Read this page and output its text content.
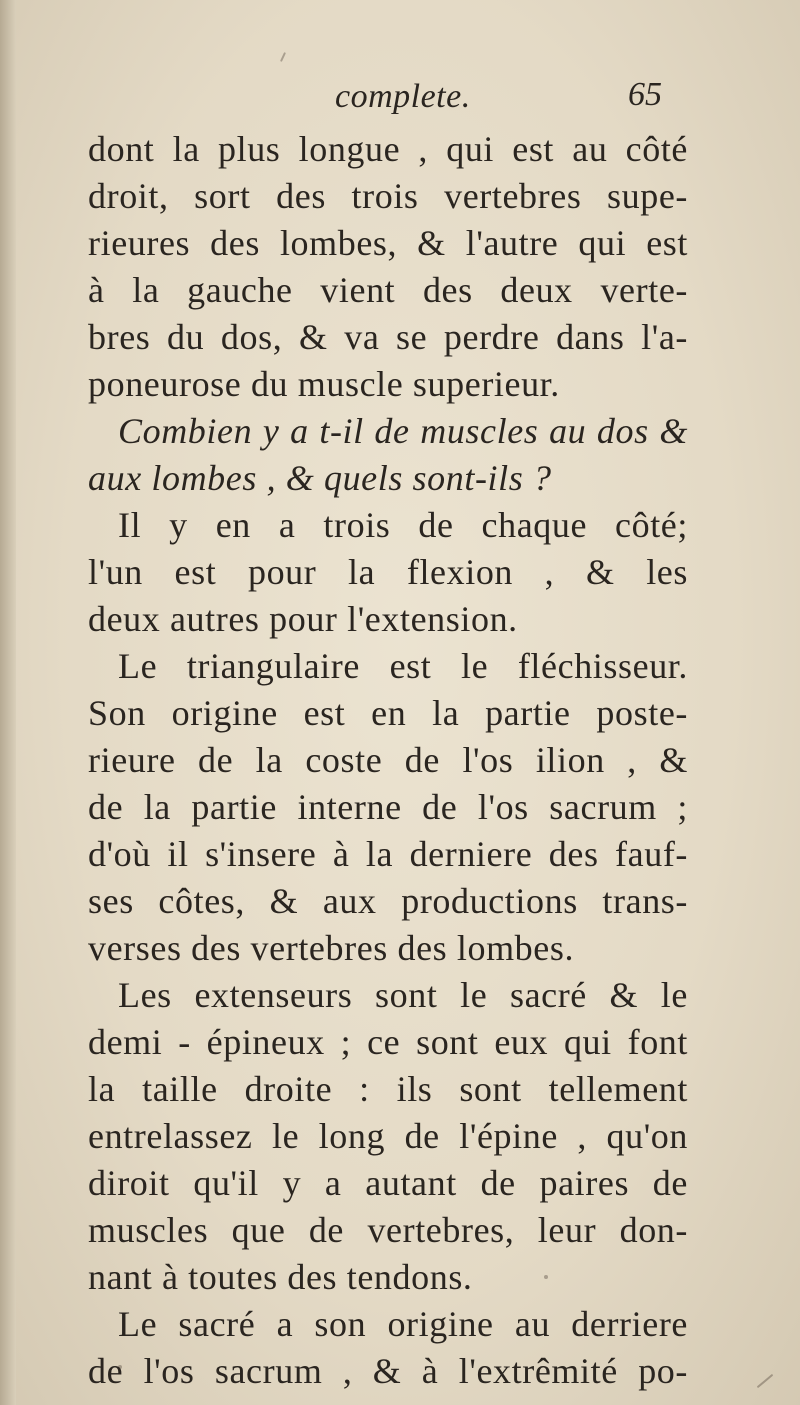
complete.	65
dont la plus longue , qui est au côté
droit, sort des trois vertebres supe-
rieures des lombes, & l'autre qui est
à la gauche vient des deux verte-
bres du dos, & va se perdre dans l'a-
poneurose du muscle superieur.
Combien y a t-il de muscles au dos &
aux lombes , & quels sont-ils ?
Il y en a trois de chaque côté;
l'un est pour la flexion , & les
deux autres pour l'extension.
Le triangulaire est le fléchisseur.
Son origine est en la partie poste-
rieure de la coste de l'os ilion , &
de la partie interne de l'os sacrum ;
d'où il s'insere à la derniere des fauf-
ses côtes, & aux productions trans-
verses des vertebres des lombes.
Les extenseurs sont le sacré & le
demi - épineux ; ce sont eux qui font
la taille droite : ils sont tellement
entrelassez le long de l'épine , qu'on
diroit qu'il y a autant de paires de
muscles que de vertebres, leur don-
nant à toutes des tendons.
Le sacré a son origine au derriere
de l'os sacrum , & à l'extrêmité po-
